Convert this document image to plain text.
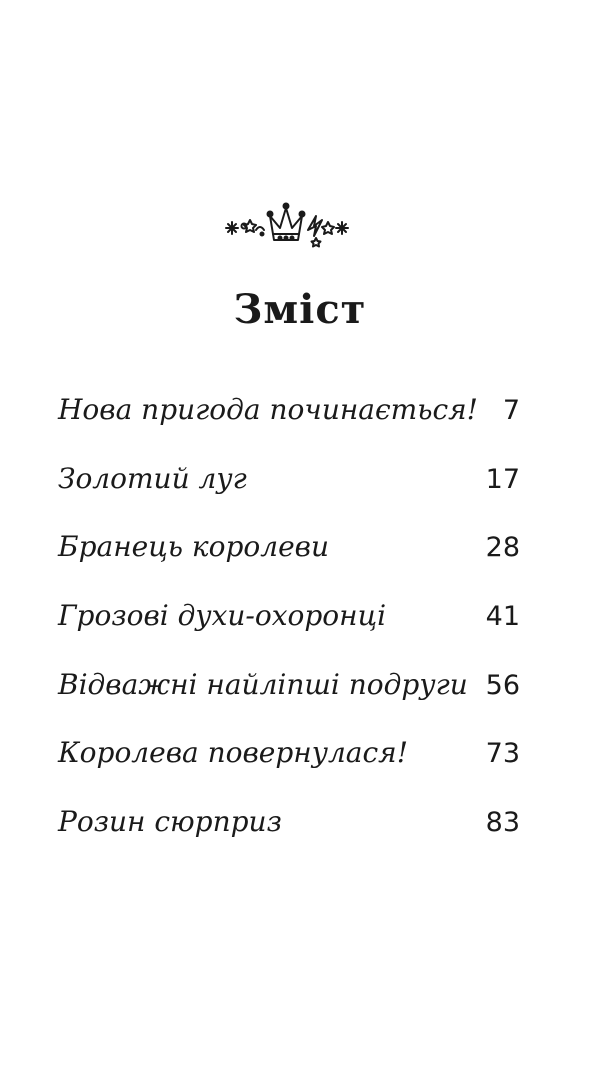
Зміст
Нова пригода починається! 7
Золотий луг	17
Бранець королеви	28
Грозові духи-охоронці	41
Відважні найліпші подруги 56
Королева повернулася!	73
Розин сюрприз	83
